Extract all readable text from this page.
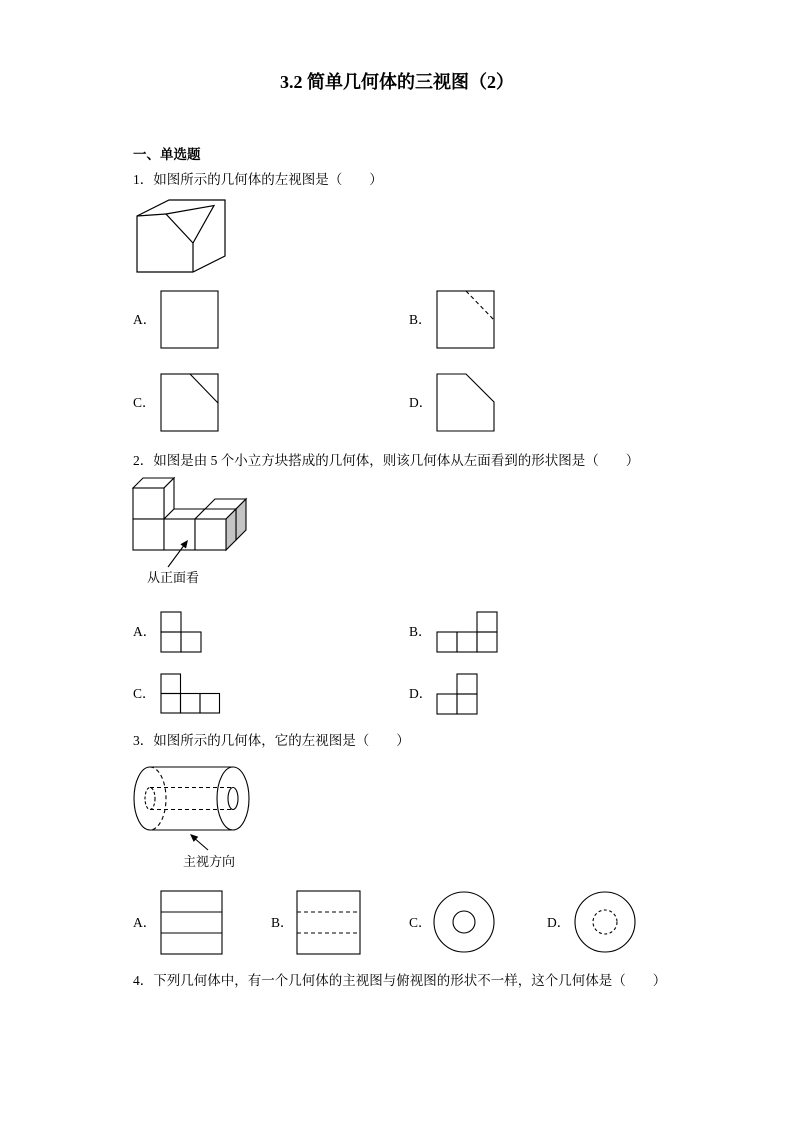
3.2 简单几何体的三视图（2）
一、单选题
1．如图所示的几何体的左视图是（　　）
A．	B．
C．	D．
2．如图是由 5 个小立方块搭成的几何体，则该几何体从左面看到的形状图是（　　）
从正面看
A．	B．
C．	D．
3．如图所示的几何体，它的左视图是（　　）
主视方向
A．	B．	C．	D．
4．下列几何体中，有一个几何体的主视图与俯视图的形状不一样，这个几何体是（　　）
